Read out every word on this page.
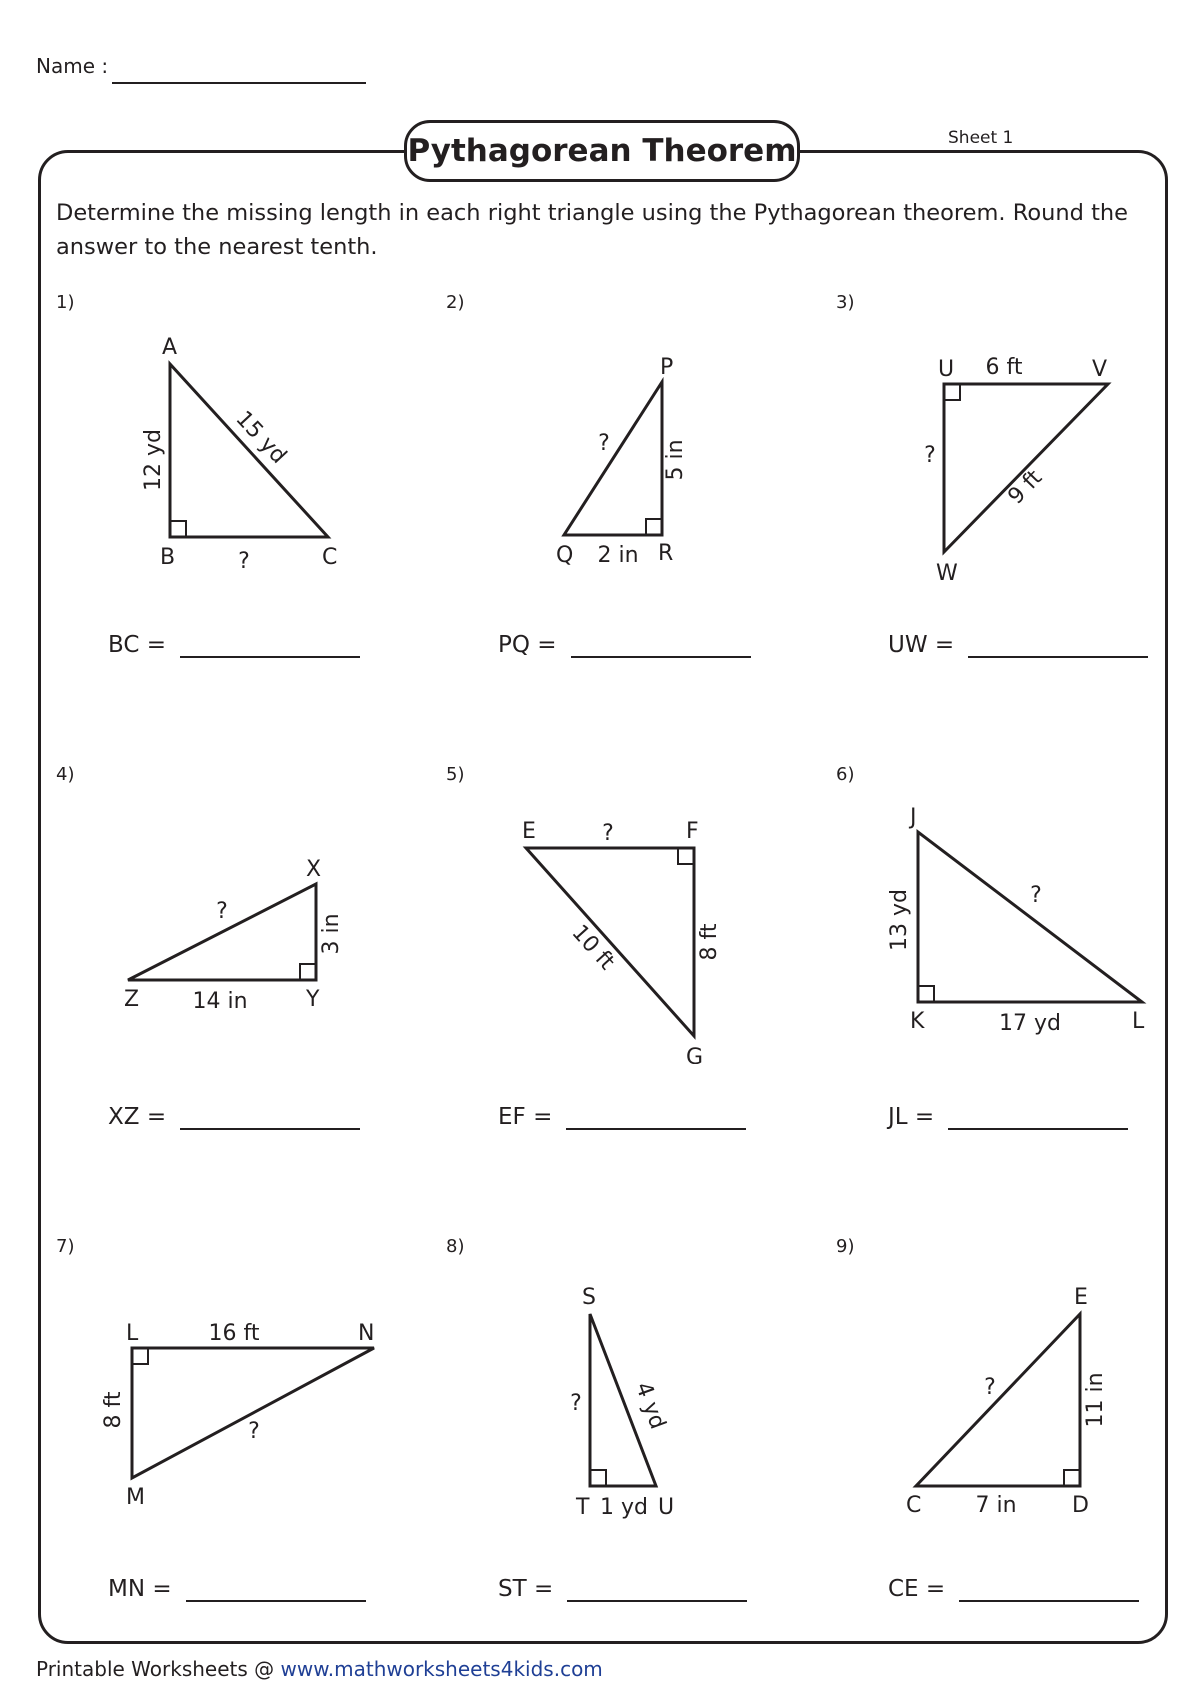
Name :
Pythagorean Theorem	Sheet 1
Determine the missing length in each right triangle using the Pythagorean theorem. Round the answer to the nearest tenth.
1)
A
B	C
12 yd	15 yd
?
BC =
2)
P
Q	R
? 5 in
2 in
PQ =
3)
U	V
W
6 ft
?
9 ft
UW =
4)
X
Z	Y
?
3 in
14 in
XZ =
5)
E	F
G
?
10 ft	8 ft
EF =
6)
J
K	L
13 yd	?
17 yd
JL =
7)
L	N
M
16 ft
8 ft
?
MN =
8)
S
T	U
? 4 yd
1 yd
ST =
9)
E
C	D
?	11 in
7 in
CE =
Printable Worksheets @ www.mathworksheets4kids.com
